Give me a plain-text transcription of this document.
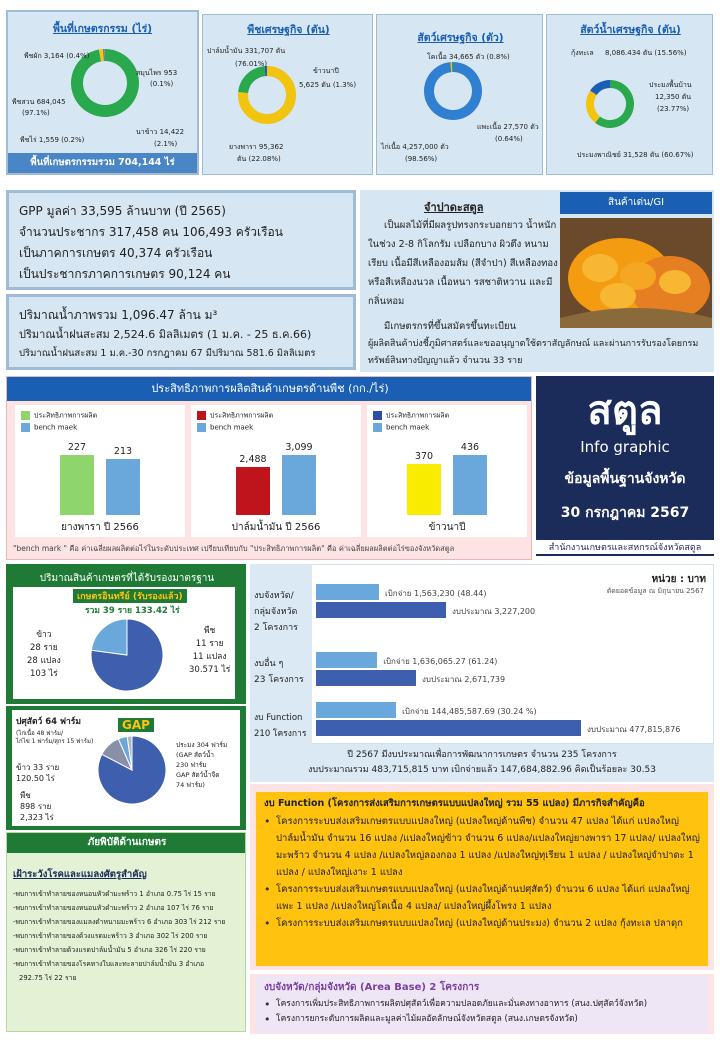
พื้นที่เกษตรกรรม (ไร่)
พืชผัก 3,164 (0.4%)
สมุนไพร 953
(0.1%)
พืชสวน 684,045
(97.1%)
พืชไร่ 1,559 (0.2%)
นาข้าว 14,422
(2.1%)
พื้นที่เกษตรกรรมรวม 704,144 ไร่
พืชเศรษฐกิจ (ตัน)
ปาล์มน้ำมัน 331,707 ตัน
(76.01%)
ข้าวนาปี
5,625 ตัน (1.3%)
ยางพารา 95,362
ตัน (22.08%)
สัตว์เศรษฐกิจ (ตัว)
โคเนื้อ 34,665 ตัว (0.8%)
แพะเนื้อ 27,570 ตัว
(0.64%)
ไก่เนื้อ 4,257,000 ตัว
(98.56%)
สัตว์น้ำเศรษฐกิจ (ตัน)
กุ้งทะเล 8,086.434 ตัน (15.56%)
ประมงพื้นบ้าน
12,350 ตัน
(23.77%)
ประมงพาณิชย์ 31,528 ตัน (60.67%)
GPP มูลค่า 33,595 ล้านบาท (ปี 2565)
จำนวนประชากร 317,458 คน 106,493 ครัวเรือน
เป็นภาคการเกษตร 40,374 ครัวเรือน
เป็นประชากรภาคการเกษตร 90,124 คน
ปริมาณน้ำภาพรวม 1,096.47 ล้าน ม³
ปริมาณน้ำฝนสะสม 2,524.6 มิลลิเมตร (1 ม.ค. - 25 ธ.ค.66)
ปริมาณน้ำฝนสะสม 1 ม.ค.-30 กรกฎาคม 67 มีปริมาณ 581.6 มิลลิเมตร
จำปาดะสตูล
เป็นผลไม้ที่มีผลรูปทรงกระบอกยาว น้ำหนักในช่วง 2-8 กิโลกรัม เปลือกบาง ผิวตึง หนามเรียบ เนื้อมีสีเหลืองอมส้ม (สีจำปา) สีเหลืองทอง หรือสีเหลืองนวล เนื้อหนา รสชาติหวาน และมีกลิ่นหอม
มีเกษตรกรที่ขึ้นสมัครขึ้นทะเบียน
ผู้ผลิตสินค้าบ่งชี้ภูมิศาสตร์และขออนุญาตใช้ตราสัญลักษณ์ และผ่านการรับรองโดยกรมทรัพย์สินทางปัญญาแล้ว จำนวน 33 ราย
สินค้าเด่น/GI
ประสิทธิภาพการผลิตสินค้าเกษตรด้านพืช (กก./ไร่)
ประสิทธิภาพการผลิต
bench maek
227	213
ยางพารา ปี 2566
ประสิทธิภาพการผลิต
bench maek
2,488
3,099
ปาล์มน้ำมัน ปี 2566
ประสิทธิภาพการผลิต
bench maek
370
436
ข้าวนาปี
"bench mark " คือ ค่าเฉลี่ยผลผลิตต่อไร่ในระดับประเทศ เปรียบเทียบกับ "ประสิทธิภาพการผลิต" คือ ค่าเฉลี่ยผลผลิตต่อไร่ของจังหวัดสตูล
สตูล
Info graphic
ข้อมูลพื้นฐานจังหวัด
30 กรกฎาคม 2567
สำนักงานเกษตรและสหกรณ์จังหวัดสตูล
ปริมาณสินค้าเกษตรที่ได้รับรองมาตรฐาน
เกษตรอินทรีย์ (รับรองแล้ว)
รวม 39 ราย 133.42 ไร่
ข้าว
28 ราย
28 แปลง
103 ไร่
พืช
11 ราย
11 แปลง
30.571 ไร่
ปศุสัตว์ 64 ฟาร์ม
(ไก่เนื้อ 48 ฟาร์ม/
ไก่ไข่ 1 ฟาร์ม/สุกร 15 ฟาร์ม)
GAP
ข้าว 33 ราย
120.50 ไร่
พืช
898 ราย
2,323 ไร่
ประมง 304 ฟาร์ม
(GAP สัตว์น้ำ
230 ฟาร์ม
GAP สัตว์น้ำจืด
74 ฟาร์ม)
ภัยพิบัติด้านเกษตร
เฝ้าระวังโรคและแมลงศัตรูสำคัญ
-พบการเข้าทำลายของหนอนหัวดำมะพร้าว 1 อำเภอ 0.75 ไร่ 15 ราย
-พบการเข้าทำลายของหนอนหัวดำมะพร้าว 2 อำเภอ 107 ไร่ 76 ราย
-พบการเข้าทำลายของแมลงดำหนามมะพร้าว 6 อำเภอ 303 ไร่ 212 ราย
-พบการเข้าทำลายของด้วงแรดมะพร้าว 3 อำเภอ 302 ไร่ 200 ราย
-พบการเข้าทำลายด้วงแรดปาล์มน้ำมัน 5 อำเภอ 326 ไร่ 220 ราย
-พบการเข้าทำลายของโรคทางใบและทะลายปาล์มน้ำมัน 3 อำเภอ
292.75 ไร่ 22 ราย
หน่วย : บาท
ตัดยอดข้อมูล ณ มิถุนายน 2567
งบจังหวัด/
กลุ่มจังหวัด
2 โครงการ
งบอื่น ๆ
23 โครงการ
งบ Function
210 โครงการ
เบิกจ่าย 1,563,230 (48.44)
งบประมาณ 3,227,200
เบิกจ่าย 1,636,065.27 (61.24)
งบประมาณ 2,671,739
เบิกจ่าย 144,485,587.69 (30.24 %)
งบประมาณ 477,815,876
ปี 2567 มีงบประมาณเพื่อการพัฒนาการเกษตร จำนวน 235 โครงการ
งบประมาณรวม 483,715,815 บาท เบิกจ่ายแล้ว 147,684,882.96 คิดเป็นร้อยละ 30.53
งบ Function (โครงการส่งเสริมการเกษตรแบบแปลงใหญ่ รวม 55 แปลง) มีภารกิจสำคัญคือ
• โครงการระบบส่งเสริมเกษตรแบบแปลงใหญ่ (แปลงใหญ่ด้านพืช) จำนวน 47 แปลง ได้แก่ แปลงใหญ่ปาล์มน้ำมัน จำนวน 16 แปลง /แปลงใหญ่ข้าว จำนวน 6 แปลง/แปลงใหญ่ยางพารา 17 แปลง/ แปลงใหญ่มะพร้าว จำนวน 4 แปลง /แปลงใหญ่ลองกอง 1 แปลง /แปลงใหญ่ทุเรียน 1 แปลง / แปลงใหญ่จำปาดะ 1 แปลง / แปลงใหญ่เงาะ 1 แปลง
• โครงการระบบส่งเสริมเกษตรแบบแปลงใหญ่ (แปลงใหญ่ด้านปศุสัตว์) จำนวน 6 แปลง ได้แก่ แปลงใหญ่แพะ 1 แปลง /แปลงใหญ่โคเนื้อ 4 แปลง/ แปลงใหญ่ผึ้งโพรง 1 แปลง
• โครงการระบบส่งเสริมเกษตรแบบแปลงใหญ่ (แปลงใหญ่ด้านประมง) จำนวน 2 แปลง กุ้งทะเล ปลาดุก
งบจังหวัด/กลุ่มจังหวัด (Area Base) 2 โครงการ
• โครงการเพิ่มประสิทธิภาพการผลิตปศุสัตว์เพื่อความปลอดภัยและมั่นคงทางอาหาร (สนง.ปศุสัตว์จังหวัด)
• โครงการยกระดับการผลิตและมูลค่าไม้ผลอัตลักษณ์จังหวัดสตูล (สนง.เกษตรจังหวัด)
